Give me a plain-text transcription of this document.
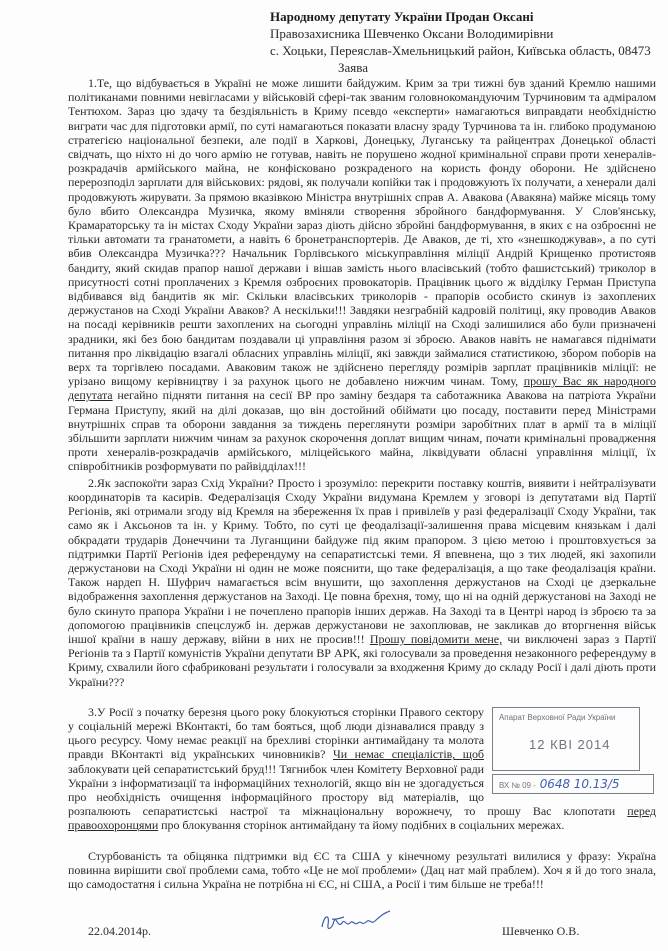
Народному депутату України Продан Оксані
Правозахисника Шевченко Оксани Володимирівни
с. Хоцьки, Переяслав-Хмельницький район, Київська область, 08473
Заява

1.Те, що відбувається в Україні не може лишити байдужим. Крим за три тижні був зданий Кремлю нашими політиканами повними невігласами у військовій сфері-так званим головнокомандуючим Турчиновим та адміралом Тентюхом. Зараз цю здачу та бездіяльність в Криму псевдо «експерти» намагаються виправдати необхідністю виграти час для підготовки армії, по суті намагаються показати власну зраду Турчинова та ін. глибоко продуманою стратегією національної безпеки, але події в Харкові, Донецьку, Луганську та райцентрах Донецької області свідчать, що ніхто ні до чого армію не готував, навіть не порушено жодної кримінальної справи проти хенералів-розкрадачів армійського майна, не конфісковано розкраденого на користь фонду оборони. Не здійснено перерозподіл зарплати для військових: рядові, як получали копійки так і продовжують їх получати, а хенерали далі продовжують жирувати. За прямою вказівкою Міністра внутрішніх справ А. Авакова (Авакяна) майже місяць тому було вбито Олександра Музичка, якому вміняли створення збройного бандформування. У Слов'янську, Крамараторську та ін містах Сходу України зараз діють дійсно збройні бандформування, в яких є на озброєнні не тільки автомати та гранатомети, а навіть 6 бронетранспортерів. Де Аваков, де ті, хто «знешкоджував», а по суті вбив Олександра Музичка??? Начальник Горлівського міськуправління міліції Андрій Крищенко протистояв бандиту, який скидав прапор нашої держави і вішав замість нього власівський (тобто фашистський) триколор в присутності сотні проплачених з Кремля озброєних провокаторів. Працівник цього ж відділку Герман Приступа відбивався від бандитів як міг. Скільки власівських триколорів - прапорів особисто скинув із захоплених держустанов на Сході України Аваков? А нескільки!!! Завдяки незграбній кадровій політиці, яку проводив Аваков на посаді керівників решти захоплених на сьогодні управлінь міліції на Сході залишилися або були призначені зрадники, які без бою бандитам поздавали ці управління разом зі зброєю. Аваков навіть не намагався піднімати питання про ліквідацію взагалі обласних управлінь міліції, які завжди займалися статистикою, збором поборів на верх та торгівлею посадами. Аваковим також не здійснено перегляду розмірів зарплат працівників міліції: не урізано вищому керівництву і за рахунок цього не добавлено нижчим чинам. Тому, прошу Вас як народного депутата негайно підняти питання на сесії ВР про заміну бездаря та саботажника Авакова на патріота України Германа Приступу, який на ділі доказав, що він достойний обіймати цю посаду, поставити перед Міністрами внутрішніх справ та оборони завдання за тиждень переглянути розміри заробітних плат в армії та в міліції збільшити зарплати нижчим чинам за рахунок скорочення доплат вищим чинам, почати кримінальні провадження проти хенералів-розкрадачів армійського, міліцейського майна, ліквідувати обласні управління міліції, їх співробітників розформувати по райвідділах!!!

2.Як заспокоїти зараз Схід України? Просто і зрозуміло: перекрити поставку коштів, виявити і нейтралізувати координаторів та касирів. Федералізація Сходу України видумана Кремлем у зговорі із депутатами від Партії Регіонів, які отримали згоду від Кремля на збереження їх прав і привілеїв у разі федералізації Сходу України, так само як і Аксьонов та ін. у Криму. Тобто, по суті це феодалізації-залишення права місцевим князькам і далі обкрадати трударів Донеччини та Луганщини байдуже під яким прапором. З цією метою і проштовхується за підтримки Партії Регіонів ідея референдуму на сепаратистські теми. Я впевнена, що з тих людей, які захопили держустанови на Сході України ні один не може пояснити, що таке федералізація, а що таке феодалізація країни. Також нардеп Н. Шуфрич намагається всім внушити, що захоплення держустанов на Сході це дзеркальне відображення захоплення держустанов на Заході. Це повна брехня, тому, що ні на одній держустанові на Заході не було скинуто прапора України і не почеплено прапорів інших держав. На Заході та в Центрі народ із зброєю та за допомогою працівників спецслужб ін. держав держустанови не захоплював, не закликав до вторгнення військ іншої країни в нашу державу, війни в них не просив!!! Прошу повідомити мене, чи виключені зараз з Партії Регіонів та з Партії комуністів України депутати ВР АРК, які голосували за проведення незаконного референдуму в Криму, схвалили його сфабриковані результати і голосували за входження Криму до складу Росії і далі діють проти України???

Апарат Верховної Ради України
12 КВІ 2014
ВХ № 09 - 0648 10.13/5
3.У Росії з початку березня цього року блокуються сторінки Правого сектору у соціальній мережі ВКонтакті, бо там бояться, щоб люди дізнавалися правду з цього ресурсу. Чому немає реакції на брехливі сторінки антимайдану та молота правди ВКонтакті від українських чиновників? Чи немає спеціалістів, щоб заблокувати цей сепаратистський бруд!!! Тягнибок член Комітету Верховної ради України з інформатизації та інформаційних технологій, якщо він не здогадується про необхідність очищення інформаційного простору від матеріалів, що розпалюють сепаратистські настрої та міжнаціональну ворожнечу, то прошу Вас клопотати перед правоохоронцями про блокування сторінок антимайдану та йому подібних в соціальних мережах.

Стурбованість та обіцянка підтримки від ЄС та США у кінечному результаті вилилися у фразу: Україна повинна вирішити свої проблеми сама, тобто «Це не мої проблеми» (Дац нат май праблем). Хоч я й до того знала, що самодостатня і сильна Україна не потрібна ні ЄС, ні США, а Росії і тим більше не треба!!!

22.04.2014р.	Шевченко О.В.
